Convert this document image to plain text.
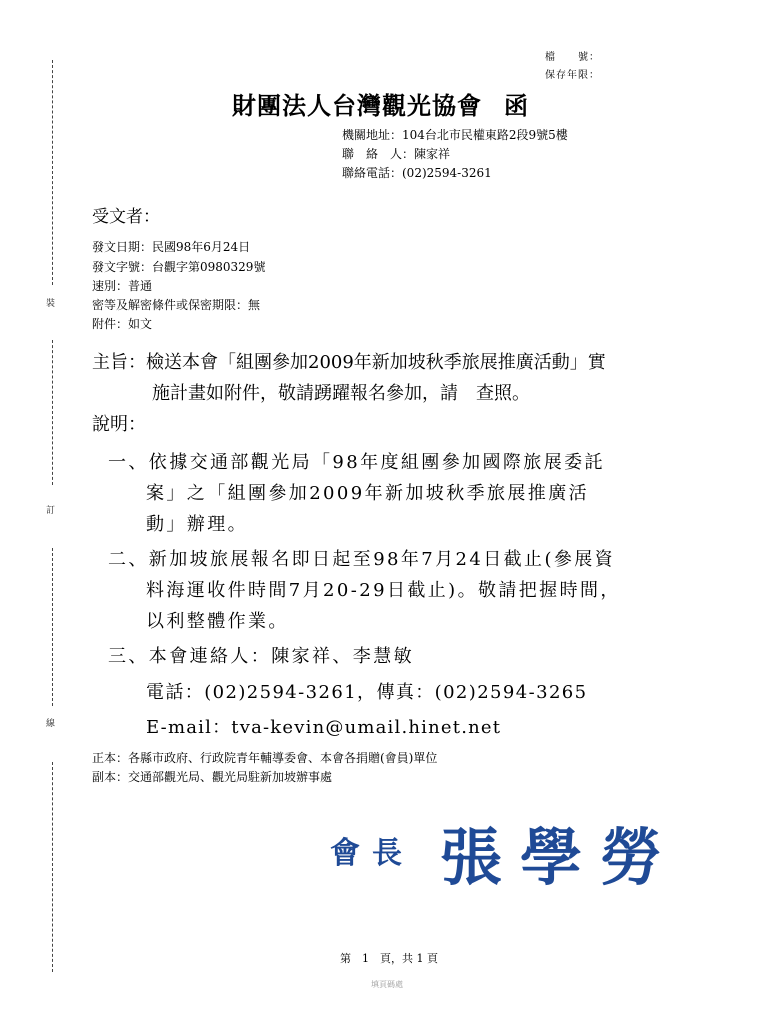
裝
訂
線
檔　　號：
保存年限：
財團法人台灣觀光協會 函
機關地址：104台北市民權東路2段9號5樓
聯　絡　人：陳家祥
聯絡電話：(02)2594-3261
受文者：
發文日期：民國98年6月24日
發文字號：台觀字第0980329號
速別：普通
密等及解密條件或保密期限：無
附件：如文
主旨：檢送本會「組團參加2009年新加坡秋季旅展推廣活動」實
施計畫如附件，敬請踴躍報名參加，請　查照。
說明：
一、依據交通部觀光局「98年度組團參加國際旅展委託
案」之「組團參加2009年新加坡秋季旅展推廣活
動」辦理。
二、新加坡旅展報名即日起至98年7月24日截止(參展資
料海運收件時間7月20-29日截止)。敬請把握時間，
以利整體作業。
三、本會連絡人：陳家祥、李慧敏
電話：(02)2594-3261，傳真：(02)2594-3265
E-mail：tva-kevin@umail.hinet.net
正本：各縣市政府、行政院青年輔導委會、本會各捐贈(會員)單位
副本：交通部觀光局、觀光局駐新加坡辦事處
會長 張學勞
第　1　頁，共 1 頁
填頁碼處
